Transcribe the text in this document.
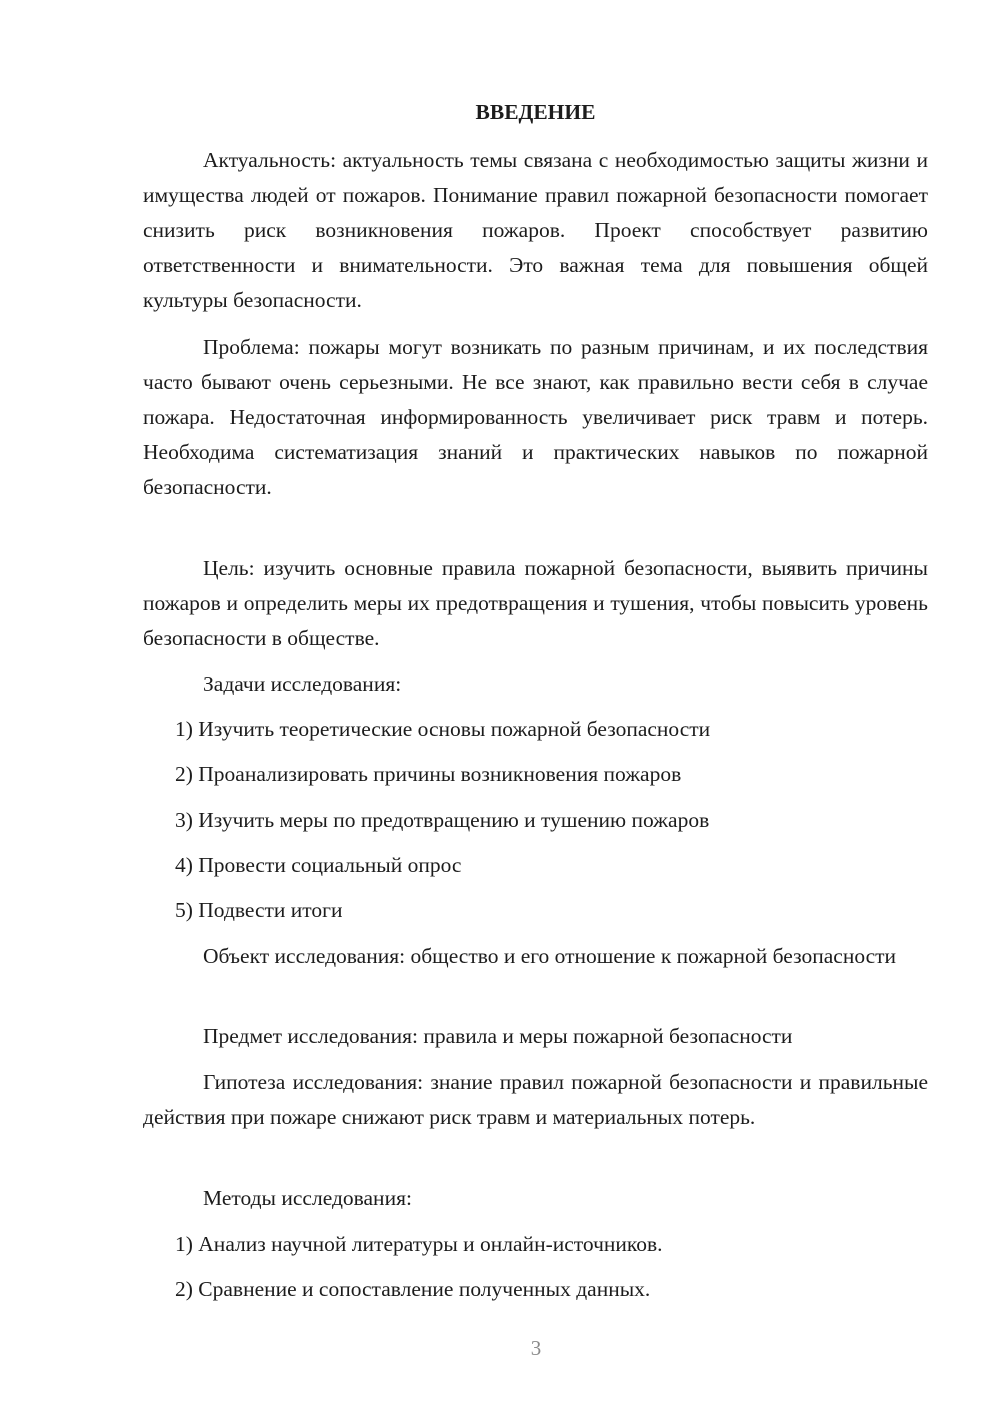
ВВЕДЕНИЕ

Актуальность: актуальность темы связана с необходимостью защиты жизни и имущества людей от пожаров. Понимание правил пожарной безопасности помогает снизить риск возникновения пожаров. Проект способствует развитию ответственности и внимательности. Это важная тема для повышения общей культуры безопасности.

Проблема: пожары могут возникать по разным причинам, и их последствия часто бывают очень серьезными. Не все знают, как правильно вести себя в случае пожара. Недостаточная информированность увеличивает риск травм и потерь. Необходима систематизация знаний и практических навыков по пожарной безопасности.

Цель: изучить основные правила пожарной безопасности, выявить причины пожаров и определить меры их предотвращения и тушения, чтобы повысить уровень безопасности в обществе.

Задачи исследования:

1) Изучить теоретические основы пожарной безопасности

2) Проанализировать причины возникновения пожаров

3) Изучить меры по предотвращению и тушению пожаров

4) Провести социальный опрос

5) Подвести итоги

Объект исследования: общество и его отношение к пожарной безопасности

Предмет исследования: правила и меры пожарной безопасности

Гипотеза исследования: знание правил пожарной безопасности и правильные действия при пожаре снижают риск травм и материальных потерь.

Методы исследования:

1) Анализ научной литературы и онлайн-источников.

2) Сравнение и сопоставление полученных данных.

3
